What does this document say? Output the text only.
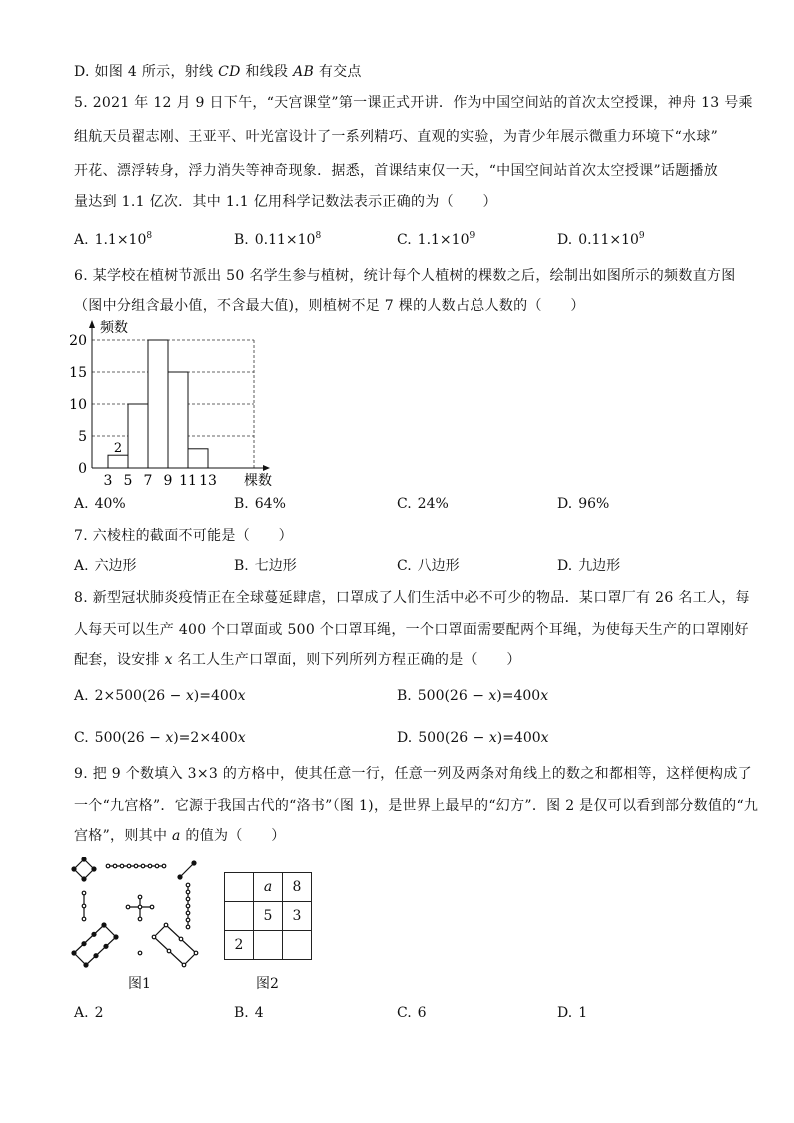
D. 如图 4 所示，射线 CD 和线段 AB 有交点
5. 2021 年 12 月 9 日下午，“天宫课堂”第一课正式开讲．作为中国空间站的首次太空授课，神舟 13 号乘
组航天员翟志刚、王亚平、叶光富设计了一系列精巧、直观的实验，为青少年展示微重力环境下“水球”
开花、漂浮转身，浮力消失等神奇现象．据悉，首课结束仅一天，“中国空间站首次太空授课”话题播放
量达到 1.1 亿次．其中 1.1 亿用科学记数法表示正确的为（　　）
A. $1.1\times 10^8$	B. $0.11\times 10^8$	C. $1.1\times 10^9$	D. $0.11\times 10^9$
6. 某学校在植树节派出 50 名学生参与植树，统计每个人植树的棵数之后，绘制出如图所示的频数直方图
（图中分组含最小值，不含最大值)，则植树不足 7 棵的人数占总人数的（　　）
2
0
5
10
15
20
3 5 7 9 11 13
频数
棵数
A. 40%	B. 64%	C. 24%	D. 96%
7. 六棱柱的截面不可能是（　　）
A. 六边形	B. 七边形	C. 八边形	D. 九边形
8. 新型冠状肺炎疫情正在全球蔓延肆虐，口罩成了人们生活中必不可少的物品．某口罩厂有 26 名工人，每
人每天可以生产 400 个口罩面或 500 个口罩耳绳，一个口罩面需要配两个耳绳，为使每天生产的口罩刚好
配套，设安排 x 名工人生产口罩面，则下列所列方程正确的是（　　）
A. 2×500(26 − x)=400x	B. 500(26 − x)=400x
C. 500(26 − x)=2×400x	D. 500(26 − x)=400x
9. 把 9 个数填入 3×3 的方格中，使其任意一行，任意一列及两条对角线上的数之和都相等，这样便构成了
一个“九宫格”．它源于我国古代的“洛书”（图 1)，是世界上最早的“幻方”．图 2 是仅可以看到部分数值的“九
宫格”，则其中 a 的值为（　　）
图1
	a	8
	5	3
2		
图2
A. 2	B. 4	C. 6	D. 1
